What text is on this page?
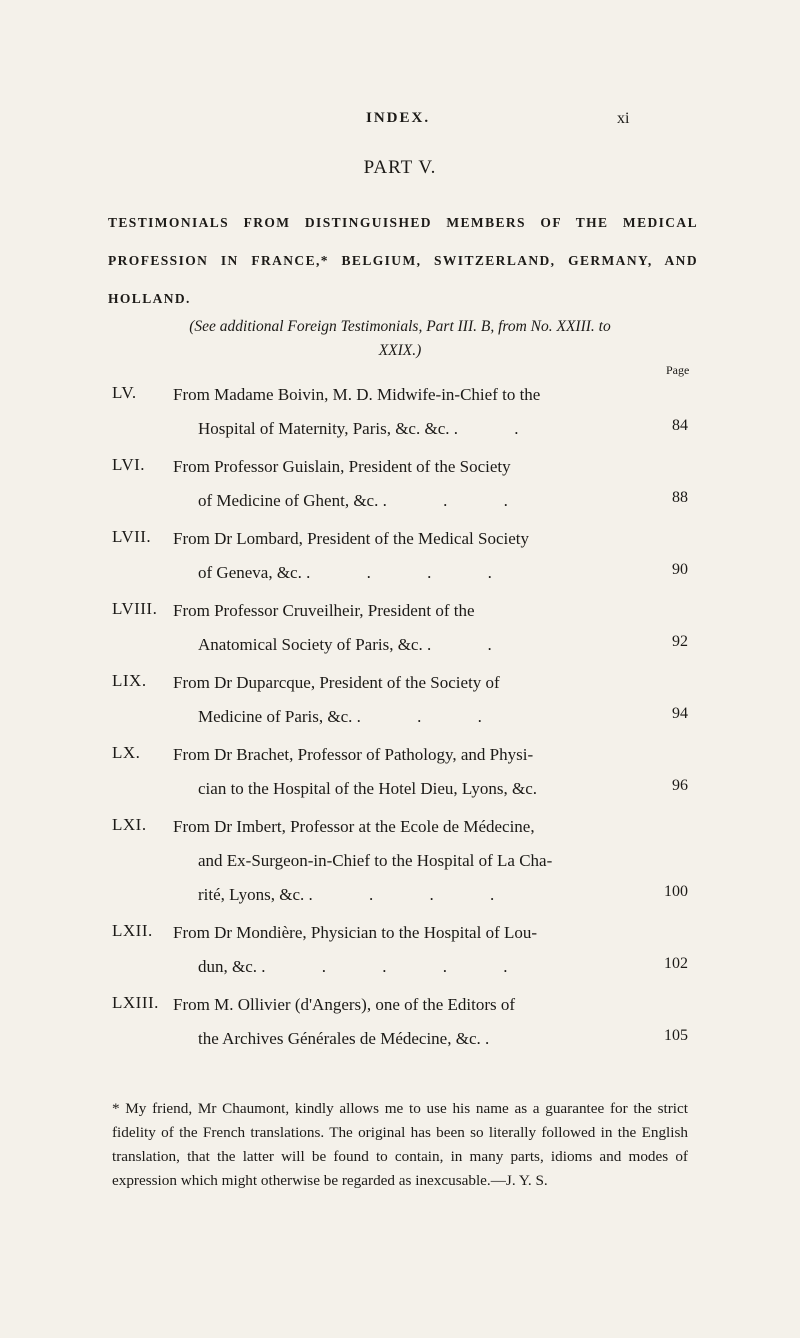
INDEX.	xi
PART V.
TESTIMONIALS FROM DISTINGUISHED MEMBERS OF THE MEDICAL PROFESSION IN FRANCE,* BELGIUM, SWITZERLAND, GERMANY, AND HOLLAND.
(See additional Foreign Testimonials, Part III. B, from No. XXIII. to
XXIX.)
Page
LV. From Madame Boivin, M. D. Midwife-in-Chief to the
Hospital of Maternity, Paris, &c. &c. . .	84
LVI. From Professor Guislain, President of the Society
of Medicine of Ghent, &c. . . .	88
LVII. From Dr Lombard, President of the Medical Society
of Geneva, &c. . . . .	90
LVIII. From Professor Cruveilheir, President of the
Anatomical Society of Paris, &c. . .	92
LIX. From Dr Duparcque, President of the Society of
Medicine of Paris, &c. . . .	94
LX. From Dr Brachet, Professor of Pathology, and Physi-
cian to the Hospital of the Hotel Dieu, Lyons, &c.	96
LXI. From Dr Imbert, Professor at the Ecole de Médecine,
and Ex-Surgeon-in-Chief to the Hospital of La Cha-
rité, Lyons, &c. . . . .	100
LXII. From Dr Mondière, Physician to the Hospital of Lou-
dun, &c. . . . . .	102
LXIII. From M. Ollivier (d'Angers), one of the Editors of
the Archives Générales de Médecine, &c. .	105
* My friend, Mr Chaumont, kindly allows me to use his name as a guarantee for the strict fidelity of the French translations. The original has been so literally followed in the English translation, that the latter will be found to contain, in many parts, idioms and modes of expression which might otherwise be regarded as inexcusable.—J. Y. S.
